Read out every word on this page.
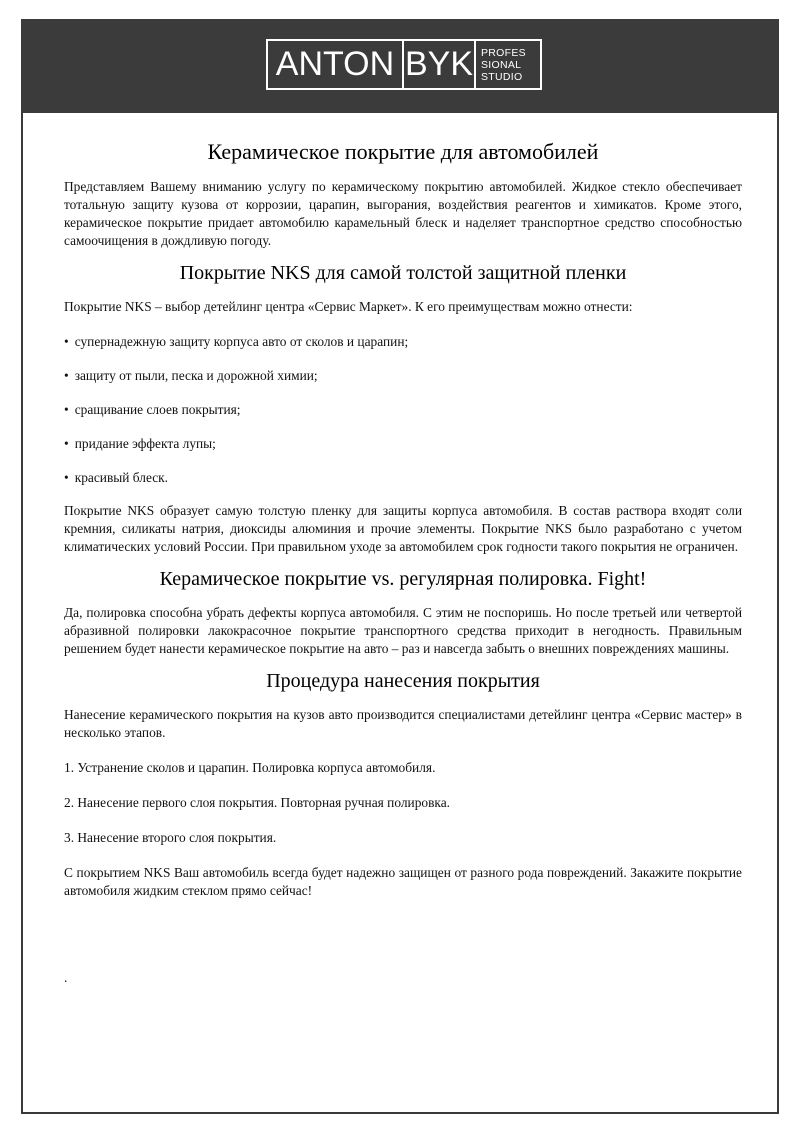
ANTON BYK PROFES
SIONAL
STUDIO
Керамическое покрытие для автомобилей

Представляем Вашему вниманию услугу по керамическому покрытию автомобилей. Жидкое стекло обеспечивает тотальную защиту кузова от коррозии, царапин, выгорания, воздействия реагентов и химикатов. Кроме этого, керамическое покрытие придает автомобилю карамельный блеск и наделяет транспортное средство способностью самоочищения в дождливую погоду.

Покрытие NKS для самой толстой защитной пленки

Покрытие NKS – выбор детейлинг центра «Сервис Маркет». К его преимуществам можно отнести:

• супернадежную защиту корпуса авто от сколов и царапин;
• защиту от пыли, песка и дорожной химии;
• сращивание слоев покрытия;
• придание эффекта лупы;
• красивый блеск.

Покрытие NKS образует самую толстую пленку для защиты корпуса автомобиля. В состав раствора входят соли кремния, силикаты натрия, диоксиды алюминия и прочие элементы. Покрытие NKS было разработано с учетом климатических условий России. При правильном уходе за автомобилем срок годности такого покрытия не ограничен.

Керамическое покрытие vs. регулярная полировка. Fight!

Да, полировка способна убрать дефекты корпуса автомобиля. С этим не поспоришь. Но после третьей или четвертой абразивной полировки лакокрасочное покрытие транспортного средства приходит в негодность. Правильным решением будет нанести керамическое покрытие на авто – раз и навсегда забыть о внешних повреждениях машины.

Процедура нанесения покрытия

Нанесение керамического покрытия на кузов авто производится специалистами детейлинг центра «Сервис мастер» в несколько этапов.

1. Устранение сколов и царапин. Полировка корпуса автомобиля.
2. Нанесение первого слоя покрытия. Повторная ручная полировка.
3. Нанесение второго слоя покрытия.

С покрытием NKS Ваш автомобиль всегда будет надежно защищен от разного рода повреждений. Закажите покрытие автомобиля жидким стеклом прямо сейчас!

.
